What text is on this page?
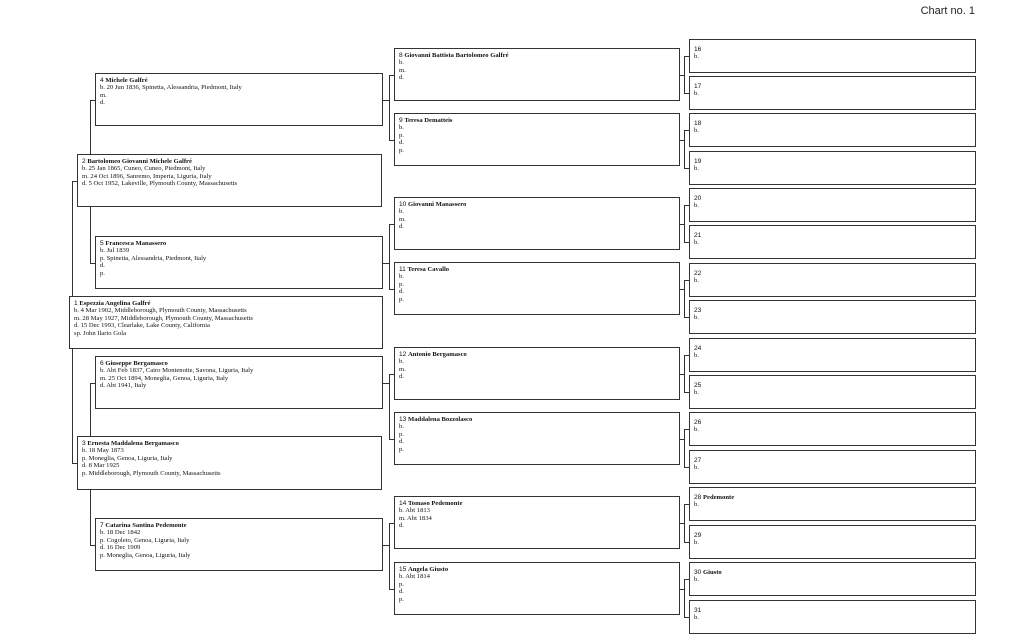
Chart no. 1
1 Espezzia Angelina Galfré
b. 4 Mar 1902, Middleborough, Plymouth County, Massachusetts
m. 28 May 1927, Middleborough, Plymouth County, Massachusetts
d. 15 Dec 1993, Clearlake, Lake County, California
sp. John Ilario Gola
2 Bartolomeo Giovanni Michele Galfré
b. 25 Jan 1865, Cuneo, Cuneo, Piedmont, Italy
m. 24 Oct 1896, Sanremo, Imperia, Liguria, Italy
d. 5 Oct 1952, Lakeville, Plymouth County, Massachusetts
3 Ernesta Maddalena Bergamasco
b. 18 May 1873
p. Moneglia, Genoa, Liguria, Italy
d. 8 Mar 1925
p. Middleborough, Plymouth County, Massachusetts
4 Michele Galfré
b. 20 Jun 1836, Spinetta, Alessandria, Piedmont, Italy
m.
d.
5 Francesca Manassero
b. Jul 1839
p. Spinetta, Alessandria, Piedmont, Italy
d.
p.
6 Giuseppe Bergamasco
b. Abt Feb 1837, Cairo Montenotte, Savona, Liguria, Italy
m. 25 Oct 1894, Moneglia, Genoa, Liguria, Italy
d. Abt 1941, Italy
7 Catarina Santina Pedemonte
b. 18 Dec 1842
p. Cogoleto, Genoa, Liguria, Italy
d. 16 Dec 1909
p. Moneglia, Genoa, Liguria, Italy
8 Giovanni Battista Bartolomeo Galfré
b.
m.
d.
9 Teresa Dematteis
b.
p.
d.
p.
10 Giovanni Manassero
b.
m.
d.
11 Teresa Cavallo
b.
p.
d.
p.
12 Antonio Bergamasco
b.
m.
d.
13 Maddalena Bozzolasco
b.
p.
d.
p.
14 Tomaso Pedemonte
b. Abt 1813
m. Abt 1834
d.
15 Angela Giusto
b. Abt 1814
p.
d.
p.
16
b.
17
b.
18
b.
19
b.
20
b.
21
b.
22
b.
23
b.
24
b.
25
b.
26
b.
27
b.
28 Pedemonte
b.
29
b.
30 Giusto
b.
31
b.
